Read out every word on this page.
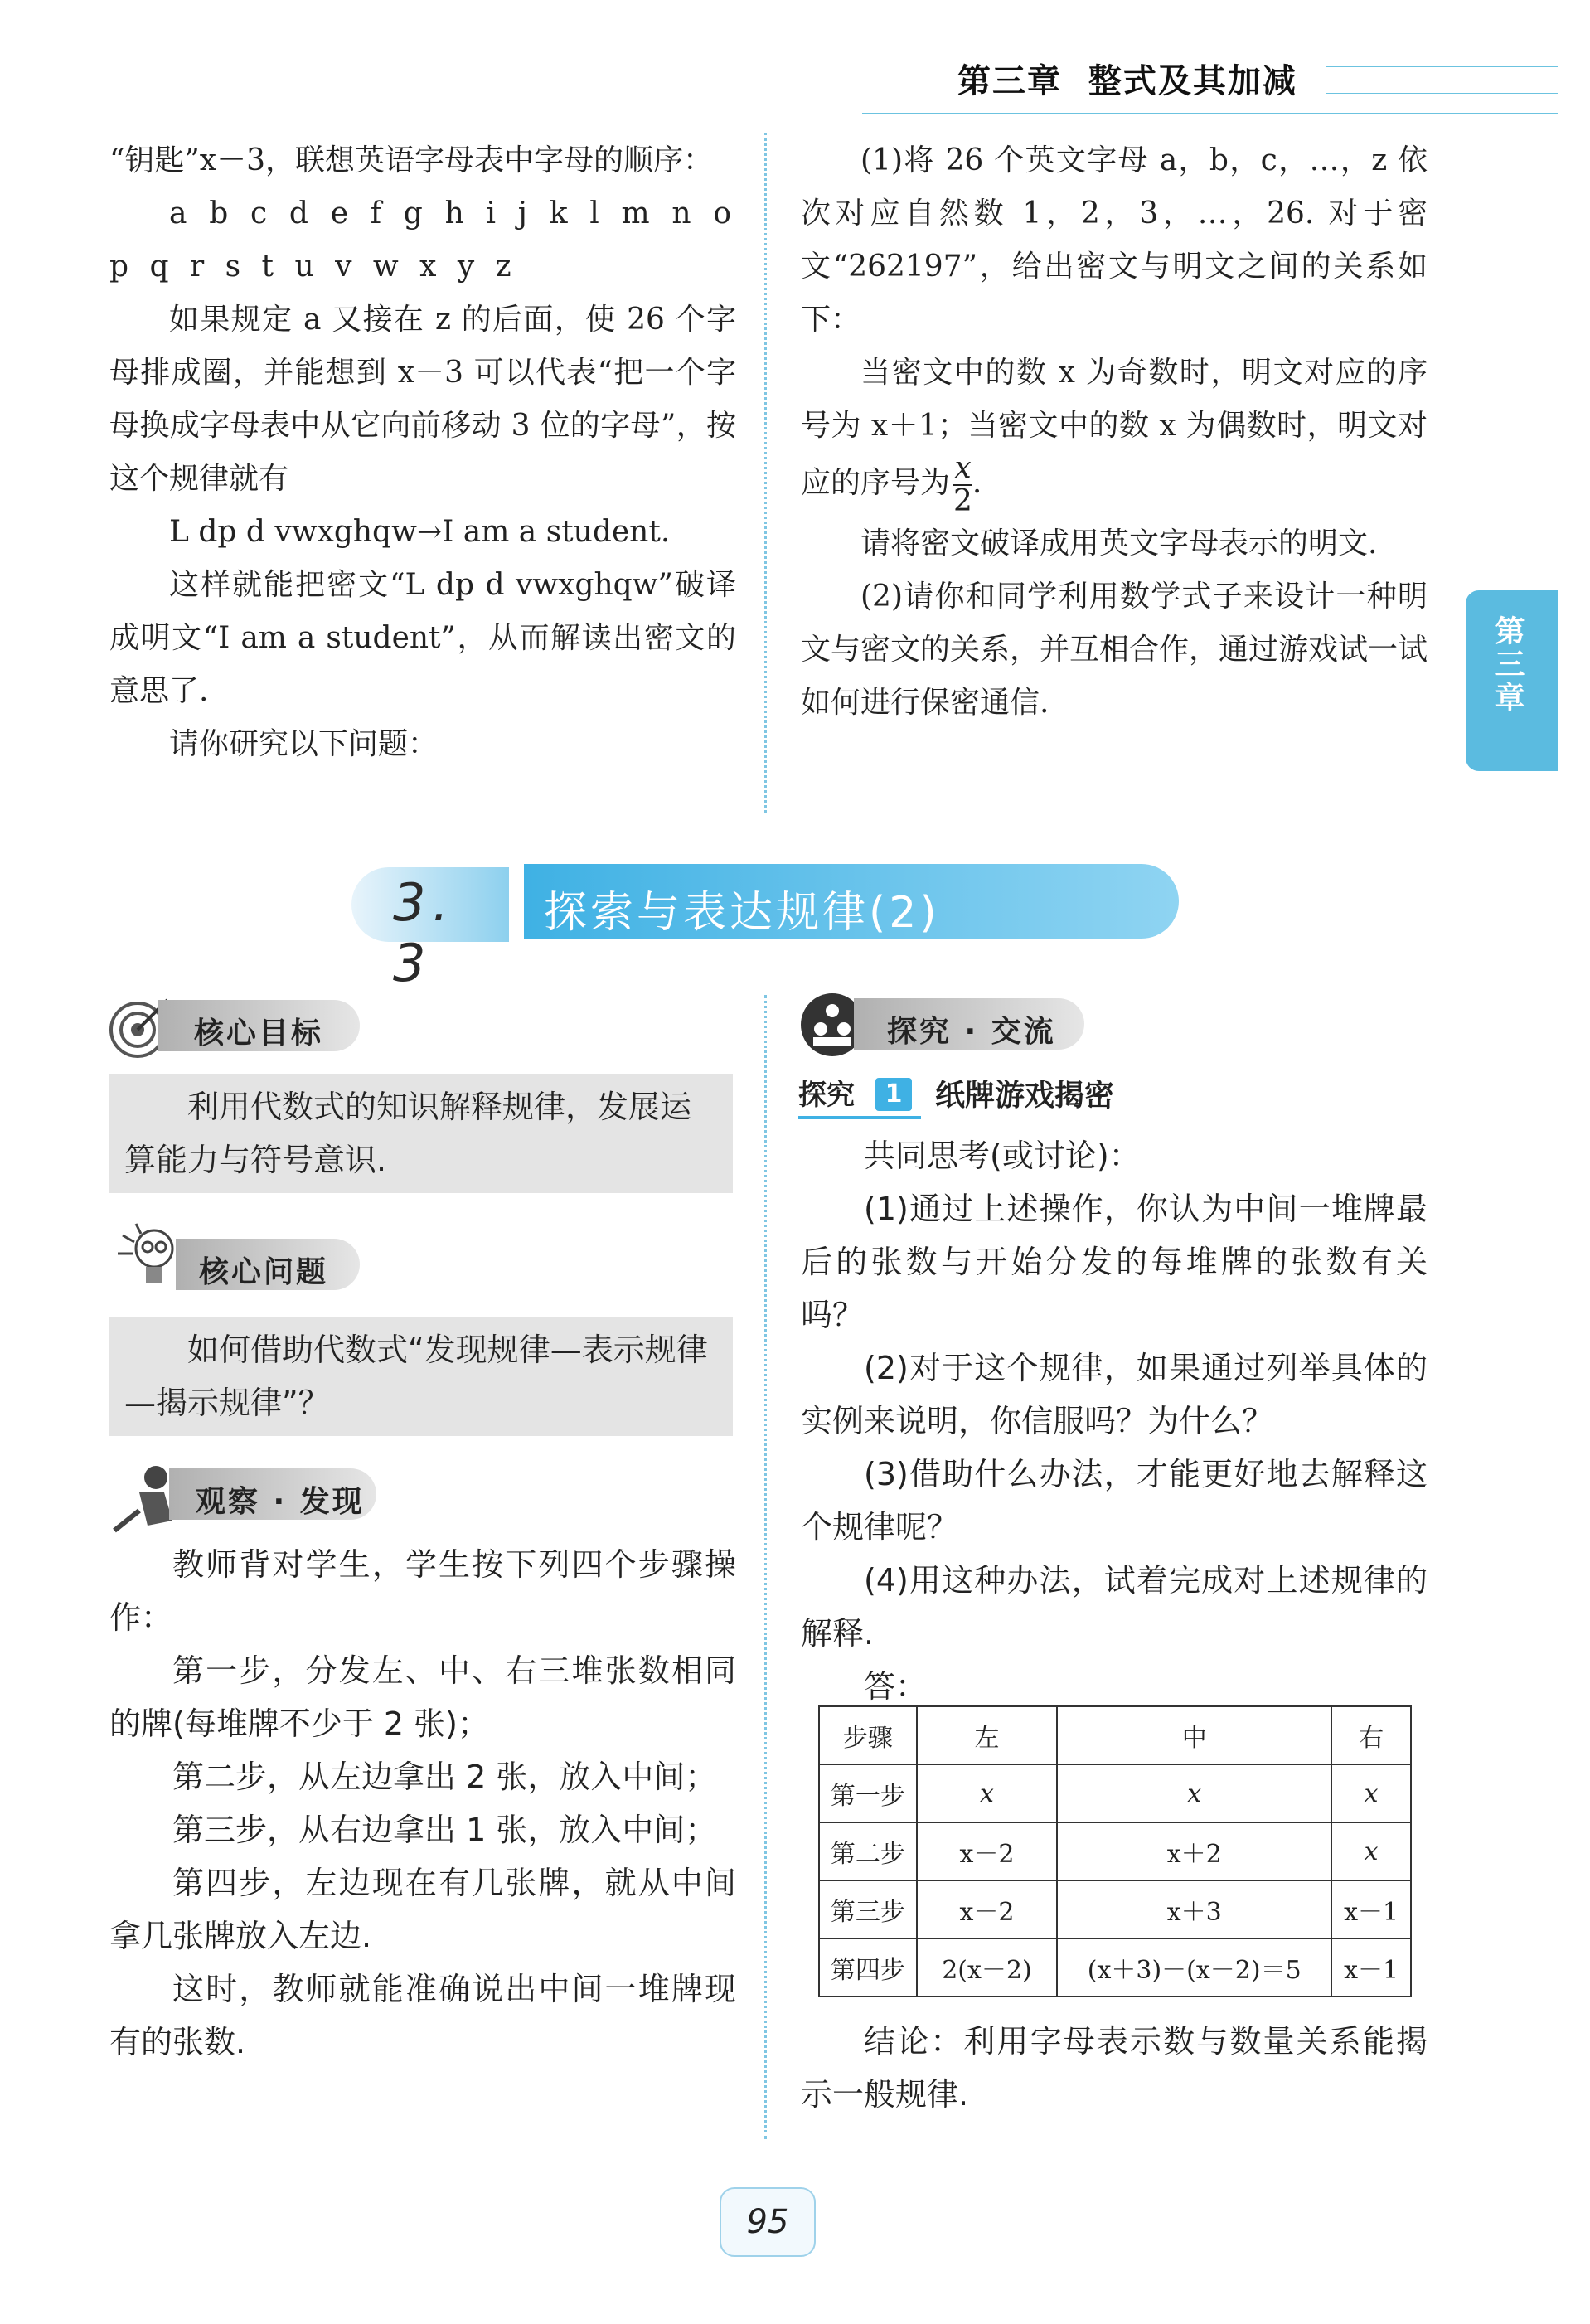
第三章 整式及其加减
第三章

“钥匙”x－3，联想英语字母表中字母的顺序：

a b c d e f g h i j k l m n o p q r s t u v w x y z

如果规定 a 又接在 z 的后面，使 26 个字母排成圈，并能想到 x－3 可以代表“把一个字母换成字母表中从它向前移动 3 位的字母”，按这个规律就有

L dp d vwxghqw→I am a student.

这样就能把密文“L dp d vwxghqw”破译成明文“I am a student”，从而解读出密文的意思了.

请你研究以下问题：

(1)将 26 个英文字母 a，b，c，…，z 依次对应自然数 1，2，3，…，26. 对于密文“262197”，给出密文与明文之间的关系如下：

当密文中的数 x 为奇数时，明文对应的序号为 x＋1；当密文中的数 x 为偶数时，明文对应的序号为 $\frac{x}{2}$ .

请将密文破译成用英文字母表示的明文.

(2)请你和同学利用数学式子来设计一种明文与密文的关系，并互相合作，通过游戏试一试如何进行保密通信.

3. 3
探索与表达规律(2)
核心目标

利用代数式的知识解释规律，发展运算能力与符号意识.

核心问题

如何借助代数式“发现规律—表示规律—揭示规律”？

观察 · 发现

教师背对学生，学生按下列四个步骤操作：

第一步，分发左、中、右三堆张数相同的牌(每堆牌不少于 2 张)；

第二步，从左边拿出 2 张，放入中间；

第三步，从右边拿出 1 张，放入中间；

第四步，左边现在有几张牌，就从中间拿几张牌放入左边.

这时，教师就能准确说出中间一堆牌现有的张数.

探究 · 交流
探究	1	纸牌游戏揭密

共同思考(或讨论)：

(1)通过上述操作，你认为中间一堆牌最后的张数与开始分发的每堆牌的张数有关吗？

(2)对于这个规律，如果通过列举具体的实例来说明，你信服吗？为什么？

(3)借助什么办法，才能更好地去解释这个规律呢？

(4)用这种办法，试着完成对上述规律的解释.

答：

步骤	左	中	右
第一步	x	x	x
第二步	x－2	x＋2	x
第三步	x－2	x＋3	x－1
第四步	2(x－2)	(x＋3)－(x－2)＝5	x－1

结论：利用字母表示数与数量关系能揭示一般规律.

95
